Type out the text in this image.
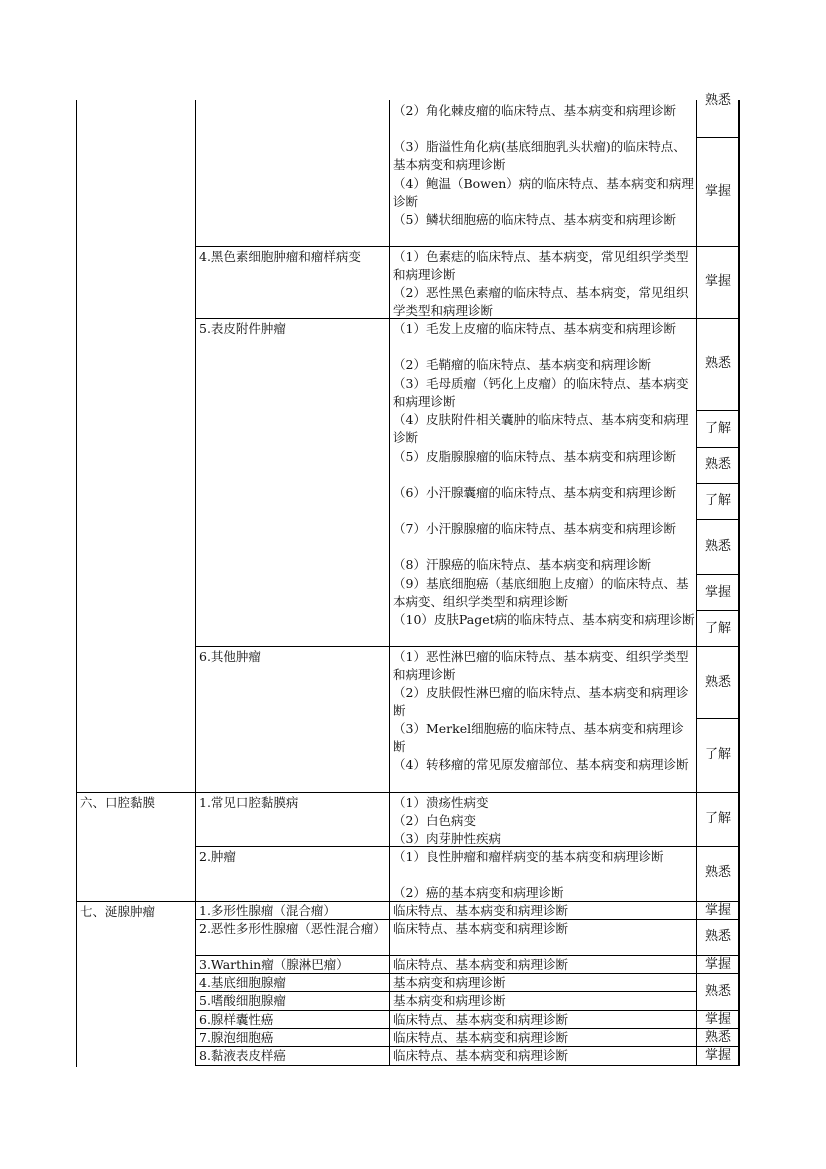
六、口腔黏膜
七、涎腺肿瘤
4.黑色素细胞肿瘤和瘤样病变
5.表皮附件肿瘤
6.其他肿瘤
1.常见口腔黏膜病
2.肿瘤
1.多形性腺瘤（混合瘤）
2.恶性多形性腺瘤（恶性混合瘤）
3.Warthin瘤（腺淋巴瘤）
4.基底细胞腺瘤
5.嗜酸细胞腺瘤
6.腺样囊性癌
7.腺泡细胞癌
8.黏液表皮样癌
（2）角化棘皮瘤的临床特点、基本病变和病理诊断
（3）脂溢性角化病(基底细胞乳头状瘤)的临床特点、基本病变和病理诊断
（4）鲍温（Bowen）病的临床特点、基本病变和病理诊断
（5）鳞状细胞癌的临床特点、基本病变和病理诊断
（1）色素痣的临床特点、基本病变，常见组织学类型和病理诊断
（2）恶性黑色素瘤的临床特点、基本病变，常见组织学类型和病理诊断
（1）毛发上皮瘤的临床特点、基本病变和病理诊断
（2）毛鞘瘤的临床特点、基本病变和病理诊断
（3）毛母质瘤（钙化上皮瘤）的临床特点、基本病变和病理诊断
（4）皮肤附件相关囊肿的临床特点、基本病变和病理诊断
（5）皮脂腺腺瘤的临床特点、基本病变和病理诊断
（6）小汗腺囊瘤的临床特点、基本病变和病理诊断
（7）小汗腺腺瘤的临床特点、基本病变和病理诊断
（8）汗腺癌的临床特点、基本病变和病理诊断
（9）基底细胞癌（基底细胞上皮瘤）的临床特点、基本病变、组织学类型和病理诊断
（10）皮肤Paget病的临床特点、基本病变和病理诊断
（1）恶性淋巴瘤的临床特点、基本病变、组织学类型和病理诊断
（2）皮肤假性淋巴瘤的临床特点、基本病变和病理诊断
（3）Merkel细胞癌的临床特点、基本病变和病理诊断
（4）转移瘤的常见原发瘤部位、基本病变和病理诊断
（1）溃疡性病变
（2）白色病变
（3）肉芽肿性疾病
（1）良性肿瘤和瘤样病变的基本病变和病理诊断
（2）癌的基本病变和病理诊断
临床特点、基本病变和病理诊断
临床特点、基本病变和病理诊断
临床特点、基本病变和病理诊断
基本病变和病理诊断
基本病变和病理诊断
临床特点、基本病变和病理诊断
临床特点、基本病变和病理诊断
临床特点、基本病变和病理诊断
熟悉
掌握
掌握
熟悉
了解
熟悉
了解
熟悉
掌握
了解
熟悉
了解
了解
熟悉
掌握
熟悉
掌握
熟悉
掌握
熟悉
掌握
